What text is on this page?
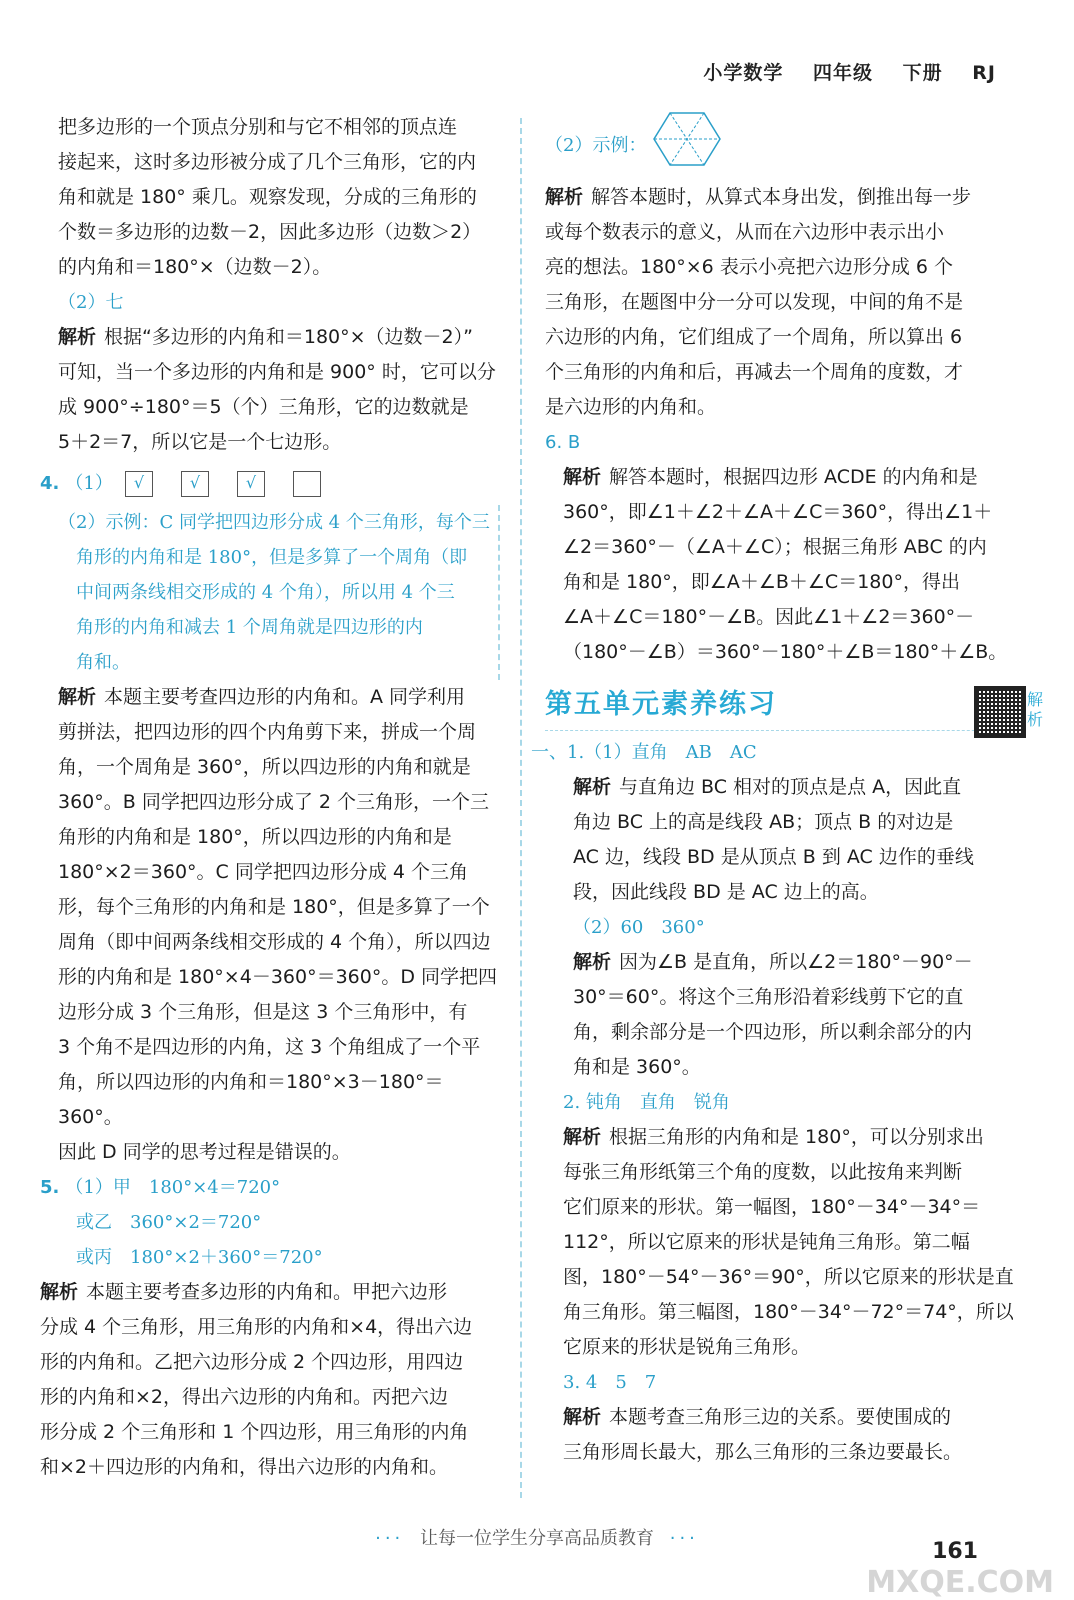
小学数学 四年级 下册 RJ

把多边形的一个顶点分别和与它不相邻的顶点连

接起来，这时多边形被分成了几个三角形，它的内

角和就是 180° 乘几。观察发现，分成的三角形的

个数＝多边形的边数－2，因此多边形（边数＞2）

的内角和＝180°×（边数－2）。

（2）七

解析 根据“多边形的内角和＝180°×（边数－2）”

可知，当一个多边形的内角和是 900° 时，它可以分

成 900°÷180°＝5（个）三角形，它的边数就是

5＋2＝7，所以它是一个七边形。

4. （1） √	√	√

（2）示例：C 同学把四边形分成 4 个三角形，每个三

角形的内角和是 180°，但是多算了一个周角（即

中间两条线相交形成的 4 个角），所以用 4 个三

角形的内角和减去 1 个周角就是四边形的内

角和。

解析 本题主要考查四边形的内角和。A 同学利用

剪拼法，把四边形的四个内角剪下来，拼成一个周

角，一个周角是 360°，所以四边形的内角和就是

360°。B 同学把四边形分成了 2 个三角形，一个三

角形的内角和是 180°，所以四边形的内角和是

180°×2＝360°。C 同学把四边形分成 4 个三角

形，每个三角形的内角和是 180°，但是多算了一个

周角（即中间两条线相交形成的 4 个角），所以四边

形的内角和是 180°×4－360°＝360°。D 同学把四

边形分成 3 个三角形，但是这 3 个三角形中，有

3 个角不是四边形的内角，这 3 个角组成了一个平

角，所以四边形的内角和＝180°×3－180°＝360°。

因此 D 同学的思考过程是错误的。

5. （1）甲　180°×4＝720°

或乙　360°×2＝720°

或丙　180°×2＋360°＝720°

解析 本题主要考查多边形的内角和。甲把六边形

分成 4 个三角形，用三角形的内角和×4，得出六边

形的内角和。乙把六边形分成 2 个四边形，用四边

形的内角和×2，得出六边形的内角和。丙把六边

形分成 2 个三角形和 1 个四边形，用三角形的内角

和×2＋四边形的内角和，得出六边形的内角和。

（2）示例：

解析 解答本题时，从算式本身出发，倒推出每一步

或每个数表示的意义，从而在六边形中表示出小

亮的想法。180°×6 表示小亮把六边形分成 6 个

三角形，在题图中分一分可以发现，中间的角不是

六边形的内角，它们组成了一个周角，所以算出 6

个三角形的内角和后，再减去一个周角的度数，才

是六边形的内角和。

6. B

解析 解答本题时，根据四边形 ACDE 的内角和是

360°，即∠1＋∠2＋∠A＋∠C＝360°，得出∠1＋

∠2＝360°－（∠A＋∠C）；根据三角形 ABC 的内

角和是 180°，即∠A＋∠B＋∠C＝180°，得出

∠A＋∠C＝180°－∠B。因此∠1＋∠2＝360°－

（180°－∠B）＝360°－180°＋∠B＝180°＋∠B。

第五单元素养练习

一、1.（1）直角　AB　AC

解析 与直角边 BC 相对的顶点是点 A，因此直

角边 BC 上的高是线段 AB；顶点 B 的对边是

AC 边，线段 BD 是从顶点 B 到 AC 边作的垂线

段，因此线段 BD 是 AC 边上的高。

（2）60　360°

解析 因为∠B 是直角，所以∠2＝180°－90°－

30°＝60°。将这个三角形沿着彩线剪下它的直

角，剩余部分是一个四边形，所以剩余部分的内

角和是 360°。

2. 钝角　直角　锐角

解析 根据三角形的内角和是 180°，可以分别求出

每张三角形纸第三个角的度数，以此按角来判断

它们原来的形状。第一幅图，180°－34°－34°＝

112°，所以它原来的形状是钝角三角形。第二幅

图，180°－54°－36°＝90°，所以它原来的形状是直

角三角形。第三幅图，180°－34°－72°＝74°，所以

它原来的形状是锐角三角形。

3. 4　5　7

解析 本题考查三角形三边的关系。要使围成的

三角形周长最大，那么三角形的三条边要最长。

解析
··· 让每一位学生分享高品质教育 ···
161
MXQE.COM
